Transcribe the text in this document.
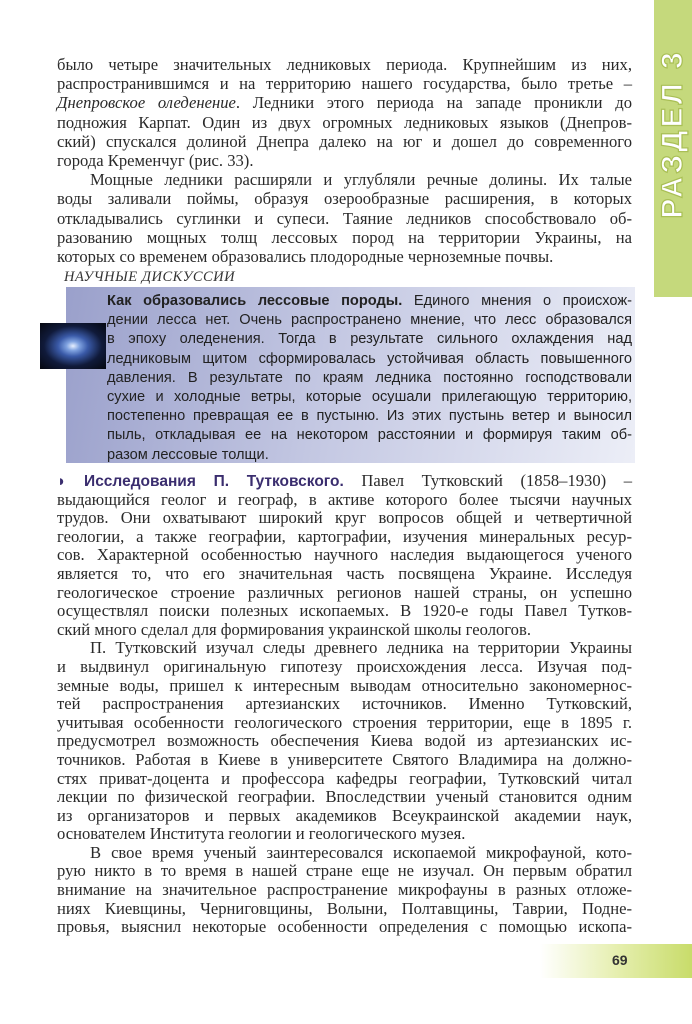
РАЗДЕЛ 3
было четыре значительных ледниковых периода. Крупнейшим из них,
распространившимся и на территорию нашего государства, было третье –
Днепровское оледенение. Ледники этого периода на западе проникли до
подножия Карпат. Один из двух огромных ледниковых языков (Днепров-
ский) спускался долиной Днепра далеко на юг и дошел до современного
города Кременчуг (рис. 33).
Мощные ледники расширяли и углубляли речные долины. Их талые
воды заливали поймы, образуя озерообразные расширения, в которых
откладывались суглинки и супеси. Таяние ледников способствовало об-
разованию мощных толщ лессовых пород на территории Украины, на
которых со временем образовались плодородные черноземные почвы.
НАУЧНЫЕ ДИСКУССИИ
Как образовались лессовые породы. Единого мнения о происхож-
дении лесса нет. Очень распространено мнение, что лесс образовался
в эпоху оледенения. Тогда в результате сильного охлаждения над
ледниковым щитом сформировалась устойчивая область повышенного
давления. В результате по краям ледника постоянно господствовали
сухие и холодные ветры, которые осушали прилегающую территорию,
постепенно превращая ее в пустыню. Из этих пустынь ветер и выносил
пыль, откладывая ее на некотором расстоянии и формируя таким об-
разом лессовые толщи.
◗ Исследования П. Тутковского. Павел Тутковский (1858–1930) –
выдающийся геолог и географ, в активе которого более тысячи научных
трудов. Они охватывают широкий круг вопросов общей и четвертичной
геологии, а также географии, картографии, изучения минеральных ресур-
сов. Характерной особенностью научного наследия выдающегося ученого
является то, что его значительная часть посвящена Украине. Исследуя
геологическое строение различных регионов нашей страны, он успешно
осуществлял поиски полезных ископаемых. В 1920-е годы Павел Тутков-
ский много сделал для формирования украинской школы геологов.
П. Тутковский изучал следы древнего ледника на территории Украины
и выдвинул оригинальную гипотезу происхождения лесса. Изучая под-
земные воды, пришел к интересным выводам относительно закономернос-
тей распространения артезианских источников. Именно Тутковский,
учитывая особенности геологического строения территории, еще в 1895 г.
предусмотрел возможность обеспечения Киева водой из артезианских ис-
точников. Работая в Киеве в университете Святого Владимира на должно-
стях приват-доцента и профессора кафедры географии, Тутковский читал
лекции по физической географии. Впоследствии ученый становится одним
из организаторов и первых академиков Всеукраинской академии наук,
основателем Института геологии и геологического музея.
В свое время ученый заинтересовался ископаемой микрофауной, кото-
рую никто в то время в нашей стране еще не изучал. Он первым обратил
внимание на значительное распространение микрофауны в разных отложе-
ниях Киевщины, Черниговщины, Волыни, Полтавщины, Таврии, Подне-
провья, выяснил некоторые особенности определения с помощью ископа-
69
